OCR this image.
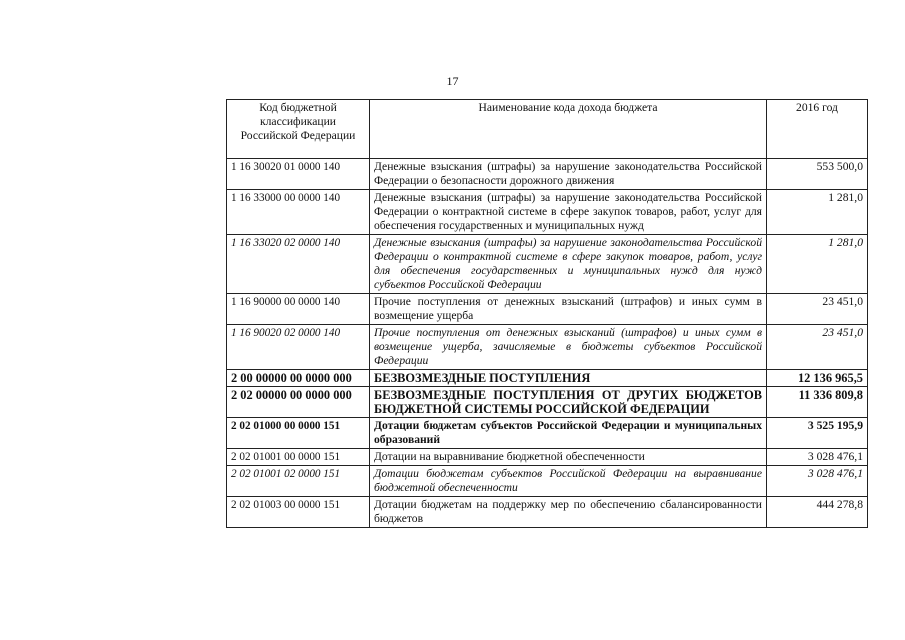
17
Код бюджетной классификации Российской Федерации	Наименование кода дохода бюджета	2016 год
1 16 30020 01 0000 140	Денежные взыскания (штрафы) за нарушение законодательства Российской Федерации о безопасности дорожного движения	553 500,0
1 16 33000 00 0000 140	Денежные взыскания (штрафы) за нарушение законодательства Российской Федерации о контрактной системе в сфере закупок товаров, работ, услуг для обеспечения государственных и муниципальных нужд	1 281,0
1 16 33020 02 0000 140	Денежные взыскания (штрафы) за нарушение законодательства Российской Федерации о контрактной системе в сфере закупок товаров, работ, услуг для обеспечения государственных и муниципальных нужд для нужд субъектов Российской Федерации	1 281,0
1 16 90000 00 0000 140	Прочие поступления от денежных взысканий (штрафов) и иных сумм в возмещение ущерба	23 451,0
1 16 90020 02 0000 140	Прочие поступления от денежных взысканий (штрафов) и иных сумм в возмещение ущерба, зачисляемые в бюджеты субъектов Российской Федерации	23 451,0
2 00 00000 00 0000 000	БЕЗВОЗМЕЗДНЫЕ ПОСТУПЛЕНИЯ	12 136 965,5
2 02 00000 00 0000 000	БЕЗВОЗМЕЗДНЫЕ ПОСТУПЛЕНИЯ ОТ ДРУГИХ БЮДЖЕТОВ БЮДЖЕТНОЙ СИСТЕМЫ РОССИЙСКОЙ ФЕДЕРАЦИИ	11 336 809,8
2 02 01000 00 0000 151	Дотации бюджетам субъектов Российской Федерации и муниципальных образований	3 525 195,9
2 02 01001 00 0000 151	Дотации на выравнивание бюджетной обеспеченности	3 028 476,1
2 02 01001 02 0000 151	Дотации бюджетам субъектов Российской Федерации на выравнивание бюджетной обеспеченности	3 028 476,1
2 02 01003 00 0000 151	Дотации бюджетам на поддержку мер по обеспечению сбалансированности бюджетов	444 278,8
